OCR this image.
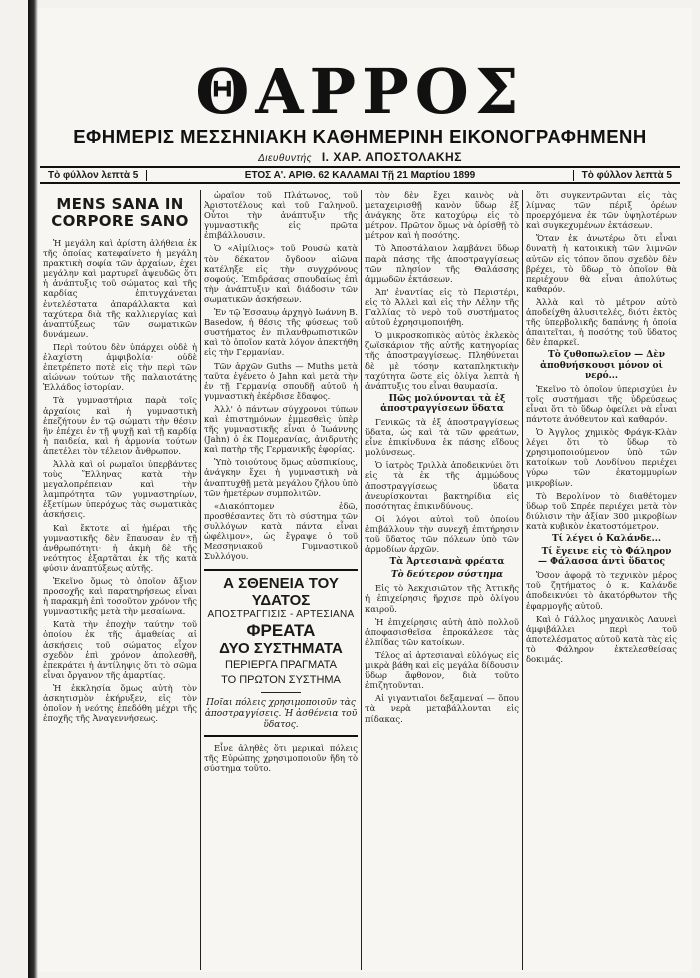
ΘΑΡΡΟΣ
ΕΦΗΜΕΡΙΣ ΜΕΣΣΗΝΙΑΚΗ ΚΑΘΗΜΕΡΙΝΗ ΕΙΚΟΝΟΓΡΑΦΗΜΕΝΗ
Διευθυντής Ι. ΧΑΡ. ΑΠΟΣΤΟΛΑΚΗΣ
Τὸ φύλλον λεπτὰ 5	ΕΤΟΣ Α'. ΑΡΙΘ. 62 ΚΑΛΑΜΑΙ Τῇ 21 Μαρτίου 1899	Τὸ φύλλον λεπτὰ 5
MENS SANA IN CORPORE SANO

Ἡ μεγάλη καὶ ἀρίστη ἀλήθεια ἐκ τῆς ὁποίας κατεφαίνετο ἡ μεγάλη πρακτικὴ σοφία τῶν ἀρχαίων, ἐχει μεγάλην καὶ μαρτυρεῖ ἀψευδῶς ὅτι ἡ ἀνάπτυξις τοῦ σώματος καὶ τῆς καρδίας ἐπιτυγχάνεται ἐντελέστατα ἀπαράλλακτα καὶ ταχύτερα διὰ τῆς καλλιεργίας καὶ ἀναπτύξεως τῶν σωματικῶν δυνάμεων.

Περὶ τούτου δὲν ὑπάρχει οὐδὲ ἡ ἐλαχίστη ἀμφιβολία· οὐδὲ ἐπετρέπετο ποτὲ εἰς τὴν περὶ τῶν αἰώνων τούτων τῆς παλαιοτάτης Ἑλλάδος ἱστορίαν.

Τὰ γυμναστήρια παρὰ τοῖς ἀρχαίοις καὶ ἡ γυμναστικὴ ἐπεζήτουν ἐν τῷ σώματι τὴν θέσιν ἣν ἐπέχει ἐν τῇ ψυχῇ καὶ τῇ καρδίᾳ ἡ παιδεία, καὶ ἡ ἀρμονία τούτων ἀπετέλει τὸν τέλειον ἄνθρωπον.

Ἀλλὰ καὶ οἱ ρωμαῖοι ὑπερβάντες τοὺς Ἕλληνας κατὰ τὴν μεγαλοπρέπειαν καὶ τὴν λαμπρότητα τῶν γυμναστηρίων, ἐξετίμων ὑπερόχως τὰς σωματικὰς ἀσκήσεις.

Καὶ ἔκτοτε αἱ ἡμέραι τῆς γυμναστικῆς δὲν ἔπαυσαν ἐν τῇ ἀνθρωπότητι· ἡ ἀκμὴ δὲ τῆς νεότητος ἐξαρτᾶται ἐκ τῆς κατὰ φύσιν ἀναπτύξεως αὐτῆς.

Ἐκεῖνο ὅμως τὸ ὁποῖον ἄξιον προσοχῆς καὶ παρατηρήσεως εἶναι ἡ παρακμὴ ἐπὶ τοσοῦτον χρόνον τῆς γυμναστικῆς μετὰ τὴν μεσαίωνα.

Κατὰ τὴν ἐποχὴν ταύτην τοῦ ὁποίου ἐκ τῆς ἀμαθείας αἱ ἀσκήσεις τοῦ σώματος εἶχον σχεδὸν ἐπὶ χρόνον ἀπολεσθῆ, ἐπεκράτει ἡ ἀντίληψις ὅτι τὸ σῶμα εἶναι ὄργανον τῆς ἁμαρτίας.

Ἡ ἐκκλησία ὅμως αὐτὴ τὸν ἀσκητισμὸν ἐκήρυξεν, εἰς τὸν ὁποῖον ἡ νεότης ἐπεδόθη μέχρι τῆς ἐποχῆς τῆς Ἀναγεννήσεως.

ὡραῖον τοῦ Πλάτωνος, τοῦ Ἀριστοτέλους καὶ τοῦ Γαληνοῦ. Οὗτοι τὴν ἀνάπτυξιν τῆς γυμναστικῆς εἰς πρῶτα ἐπιβάλλουσιν.

Ὁ «Αἰμίλιος» τοῦ Ρουσὼ κατὰ τὸν δέκατον ὄγδοον αἰῶνα κατέληξε εἰς τὴν συγχρόνους σοφούς. Ἐπιδράσας σπουδαίως ἐπὶ τὴν ἀνάπτυξιν καὶ διάδοσιν τῶν σωματικῶν ἀσκήσεων.

Ἐν τῷ Ἐσσαυῳ ἀρχηγὸ Ιωάννη B. Basedow, ἡ θέσις τῆς φύσεως τοῦ συστήματος ἐν πιλανθρωπιστικῶν καὶ τὸ ὁποῖον κατὰ λόγον ἀπεκτήθη εἰς τὴν Γερμανίαν.

Τῶν ἀρχῶν Guths — Muths μετὰ ταῦτα ἐγένετο ὁ Jahn καὶ μετὰ τὴν ἐν τῇ Γερμανίᾳ σπουδῇ αὐτοῦ ἡ γυμναστικὴ ἐκέρδισε ἔδαφος.

Ἀλλ' ὁ πάντων σύγχρονοι τύπων καὶ ἐπιστημόνων ἐμμεσθεὶς ὑπὲρ τῆς γυμναστικῆς εἶναι ὁ Ἰωάννης (Jahn) ὁ ἐκ Πομερανίας, ἀνιδρυτὴς καὶ πατὴρ τῆς Γερμανικῆς ἐφορίας.

Ὑπὸ τοιούτους ὅμως αὐσπικίους, ἀνάγκην ἔχει ἡ γυμναστικὴ νὰ ἀναπτυχθῇ μετὰ μεγάλου ζήλου ὑπὸ τῶν ἡμετέρων συμπολιτῶν.

«Διακόπτομεν ἐδῶ, προσθέσαντες ὅτι τὸ σύστημα τῶν συλλόγων κατὰ πάντα εἶναι ὠφέλιμον», ὡς ἔγραψε ὁ τοῦ Μεσσηνιακοῦ Γυμναστικοῦ Συλλόγου.

Α ΣΘΕΝΕΙΑ ΤΟΥ ΥΔΑΤΟΣ
ΑΠΟΣΤΡΑΓΓΙΣΙΣ - ΑΡΤΕΣΙΑΝΑ
ΦΡΕΑΤΑ
ΔΥΟ ΣΥΣΤΗΜΑΤΑ
ΠΕΡΙΕΡΓΑ ΠΡΑΓΜΑΤΑ
ΤΟ ΠΡΩΤΟΝ ΣΥΣΤΗΜΑ
Ποῖαι πόλεις χρησιμοποιοῦν τὰς ἀποστραγγίσεις. Ἡ ἀσθένεια τοῦ ὕδατος.

Εἶνε ἀληθὲς ὅτι μερικαὶ πόλεις τῆς Εὐρώπης χρησιμοποιοῦν ἤδη τὸ σύστημα τοῦτο.

τὸν δὲν ἔχει καινὸς νὰ μεταχειρισθῇ κανὸν ὕδωρ ἐξ ἀνάγκης ὅτε κατοχύρῳ εἰς τὸ μέτρον. Πρῶτον ὅμως νὰ ὁρίσθῇ τὸ μέτρον καὶ ἡ ποσότης.

Τὸ Ἀποστάλαιον λαμβάνει ὕδωρ παρὰ πάσης τῆς ἀποστραγγίσεως τῶν πλησίον τῆς Θαλάσσης ἀμμωδῶν ἐκτάσεων.

Ἀπ' ἐναντίας εἰς τὸ Περιστέρι, εἰς τὸ Ἀλλεὶ καὶ εἰς τὴν Λέλην τῆς Γαλλίας τὸ νερὸ τοῦ συστήματος αὐτοῦ ἐχρησιμοποιήθη.

Ὁ μικροσκοπικὸς αὐτὸς ἐκλεκὸς ζωϊσκάριον τῆς αὐτῆς κατηγορίας τῆς ἀποστραγγίσεως. Πληθύνεται δὲ μὲ τόσην καταπληκτικὴν ταχύτητα ὥστε εἰς ὀλίγα λεπτὰ ἡ ἀνάπτυξις του εἶναι θαυμασία.

Πῶς μολύνονται τὰ ἐξ ἀποστραγγίσεων ὕδατα

Γενικῶς τὰ ἐξ ἀποστραγγίσεως ὕδατα, ὡς καὶ τὰ τῶν φρεάτων, εἶνε ἐπικίνδυνα ἐκ πάσης εἴδους μολύνσεως.

Ὁ ἰατρὸς Τριλλὰ ἀποδεικνύει ὅτι εἰς τὰ ἐκ τῆς ἀμμώδους ἀποστραγγίσεως ὕδατα ἀνευρίσκονται βακτηρίδια εἰς ποσότητας ἐπικινδύνους.

Οἱ λόγοι αὐτοὶ τοῦ ὁποίου ἐπιβάλλουν τὴν συνεχῆ ἐπιτήρησιν τοῦ ὕδατος τῶν πόλεων ὑπὸ τῶν ἁρμοδίων ἀρχῶν.

Τὰ Ἀρτεσιανὰ φρέατα

Τὸ δεύτερον σύστημα

Εἰς τὸ Ἀεκχισιῶτον τῆς Ἀττικῆς ἡ ἐπιχείρησις ἤρχισε πρὸ ὀλίγου καιροῦ.

Ἡ ἐπιχείρησις αὐτὴ ἀπὸ πολλοῦ ἀποφασισθεῖσα ἐπροκάλεσε τὰς ἐλπίδας τῶν κατοίκων.

Τέλος αἱ ἀρτεσιαναὶ εὐλόγως εἰς μικρὰ βάθη καὶ εἰς μεγάλα δίδουσιν ὕδωρ ἄφθονον, διὰ τοῦτο ἐπιζητοῦνται.

Αἱ γιγαντιαῖοι δεξαμεναί — ὅπου τὰ νερὰ μεταβάλλονται εἰς πίδακας.

ὅτι συγκεντρῶνται εἰς τὰς λίμνας τῶν πέριξ ὀρέων προερχόμενα ἐκ τῶν ὑψηλοτέρων καὶ συγκεχυμένων ἐκτάσεων.

Ὅταν ἐκ ἀνωτέρω ὅτι εἶναι δυνατὴ ἡ κατοικικὴ τῶν λιμνῶν αὐτῶν εἰς τόπον ὅπου σχεδὸν δὲν βρέχει, τὸ ὕδωρ τὸ ὁποῖον θὰ περιέχουν θὰ εἶναι ἀπολύτως καθαρόν.

Ἀλλὰ καὶ τὸ μέτρον αὐτὸ ἀποδείχθη ἀλυσιτελές, διότι ἐκτὸς τῆς ὑπερβολικῆς δαπάνης ἡ ὁποία ἀπαιτεῖται, ἡ ποσότης τοῦ ὕδατος δὲν ἐπαρκεῖ.

Τὸ ζυθοπωλεῖον — Δὲν ἀποθνήσκουσι μόνον οἱ νερό...

Ἐκεῖνο τὸ ὁποῖον ὑπερισχύει ἐν τοῖς συστήμασι τῆς ὑδρεύσεως εἶναι ὅτι τὸ ὕδωρ ὀφείλει νὰ εἶναι πάντοτε ἀνόθευτον καὶ καθαρόν.

Ὁ Ἀγγλος χημικὸς Φράγκ-Κλὰν λέγει ὅτι τὸ ὕδωρ τὸ χρησιμοποιούμενον ὑπὸ τῶν κατοίκων τοῦ Λονδίνου περιέχει γύρω τῶν ἐκατομμυρίων μικροβίων.

Τὸ Βερολίνον τὸ διαθέτομεν ὕδωρ τοῦ Σπρέε περιέχει μετὰ τὸν διύλισιν τὴν ἀξίαν 300 μικροβίων κατὰ κυβικὸν ἑκατοστόμετρον.

Τί λέγει ὁ Καλάνδε...

Τί ἔγεινε εἰς τὸ Φάληρον — Φάλασσα ἀντὶ ὕδατος

Ὅσον ἀφορᾷ τὸ τεχνικὸν μέρος τοῦ ζητήματος ὁ κ. Καλάνδε ἀποδεικνύει τὸ ἀκατόρθωτον τῆς ἐφαρμογῆς αὐτοῦ.

Καὶ ὁ Γάλλος μηχανικὸς Λαυνεὶ ἀμφιβάλλει περὶ τοῦ ἀποτελέσματος αὐτοῦ κατὰ τὰς εἰς τὸ Φάληρον ἐκτελεσθείσας δοκιμάς.
